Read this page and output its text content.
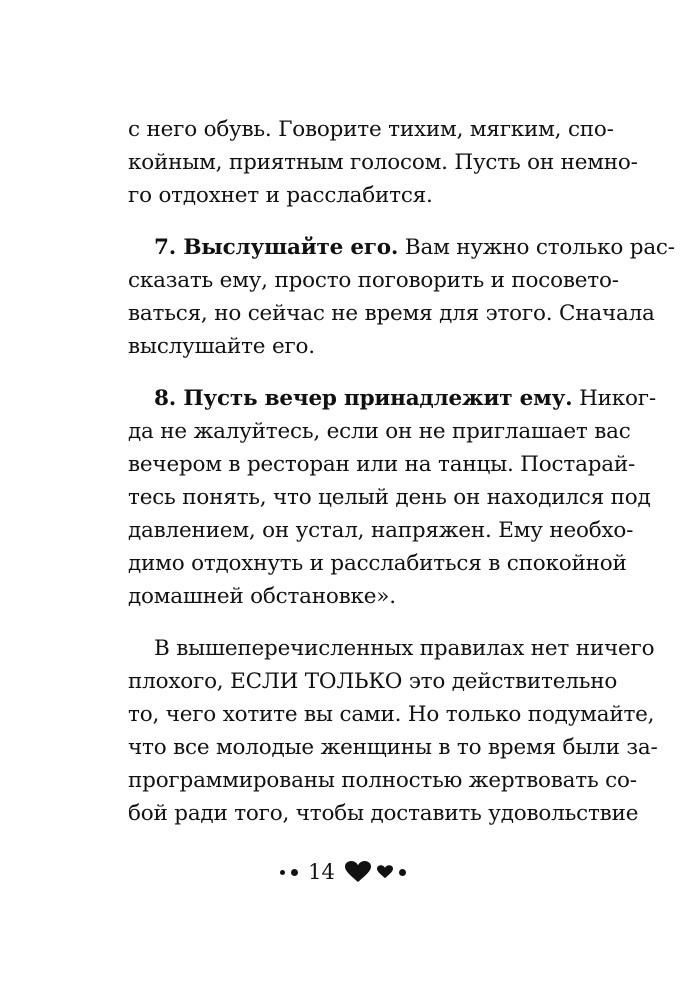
с него обувь. Говорите тихим, мягким, спо-
койным, приятным голосом. Пусть он немно-
го отдохнет и расслабится.
7. Выслушайте его. Вам нужно столько рас-
сказать ему, просто поговорить и посовето-
ваться, но сейчас не время для этого. Сначала
выслушайте его.
8. Пусть вечер принадлежит ему. Никог-
да не жалуйтесь, если он не приглашает вас
вечером в ресторан или на танцы. Постарай-
тесь понять, что целый день он находился под
давлением, он устал, напряжен. Ему необхо-
димо отдохнуть и расслабиться в спокойной
домашней обстановке».
В вышеперечисленных правилах нет ничего
плохого, ЕСЛИ ТОЛЬКО это действительно
то, чего хотите вы сами. Но только подумайте,
что все молодые женщины в то время были за-
программированы полностью жертвовать со-
бой ради того, чтобы доставить удовольствие
14
